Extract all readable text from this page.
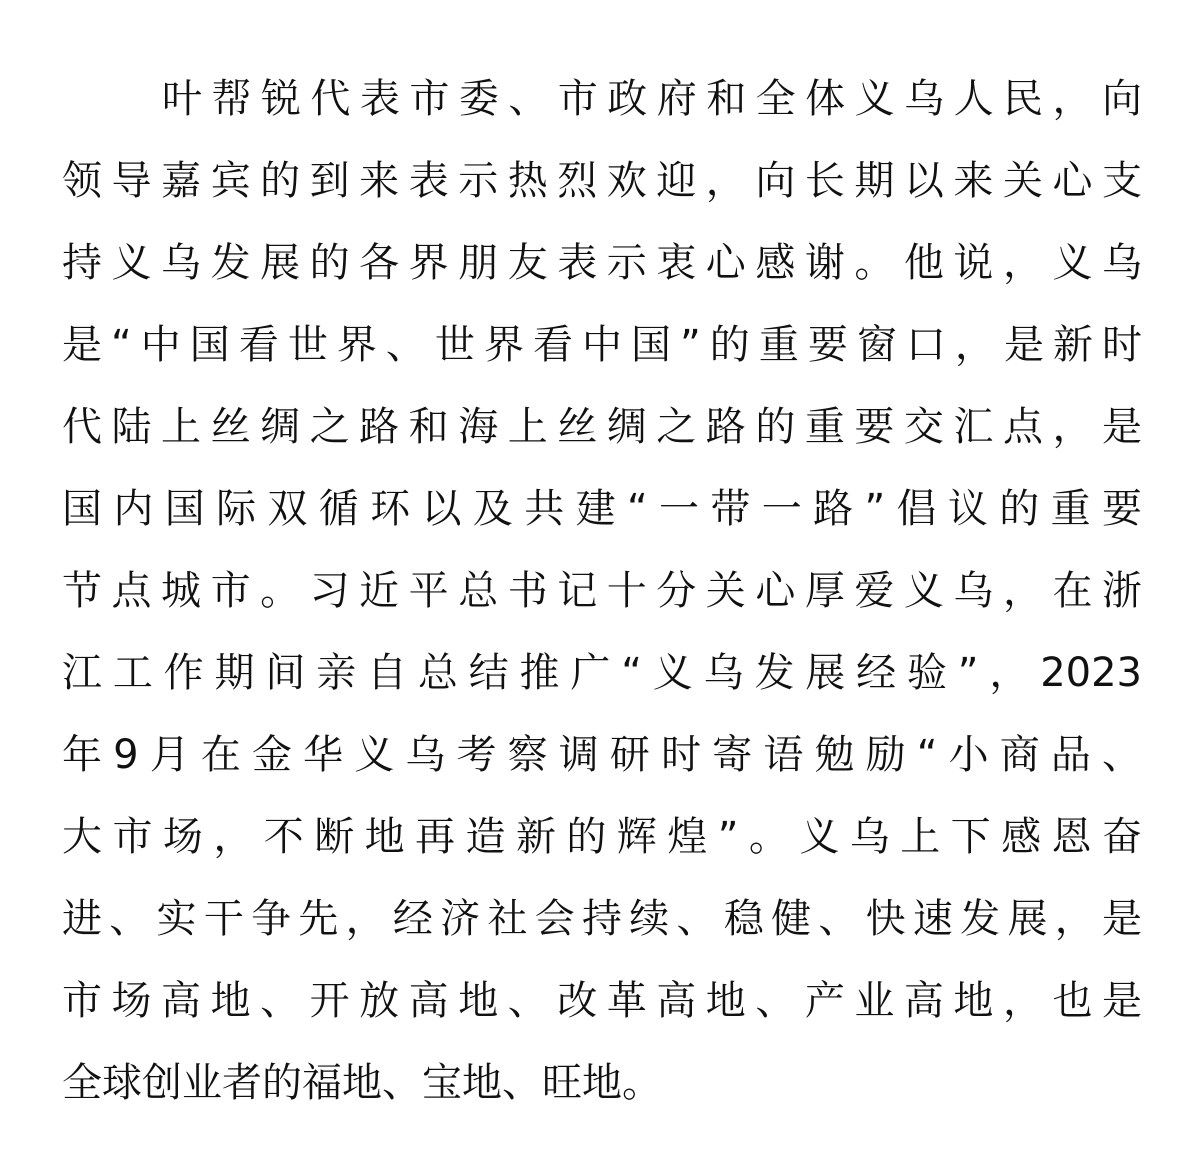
叶帮锐代表市委、市政府和全体义乌人民，向
领导嘉宾的到来表示热烈欢迎，向长期以来关心支
持义乌发展的各界朋友表示衷心感谢。他说，义乌
是“中国看世界、世界看中国”的重要窗口，是新时
代陆上丝绸之路和海上丝绸之路的重要交汇点，是
国内国际双循环以及共建“一带一路”倡议的重要
节点城市。习近平总书记十分关心厚爱义乌，在浙
江工作期间亲自总结推广“义乌发展经验”，2023
年9月在金华义乌考察调研时寄语勉励“小商品、
大市场，不断地再造新的辉煌”。义乌上下感恩奋
进、实干争先，经济社会持续、稳健、快速发展，是
市场高地、开放高地、改革高地、产业高地，也是
全球创业者的福地、宝地、旺地。
